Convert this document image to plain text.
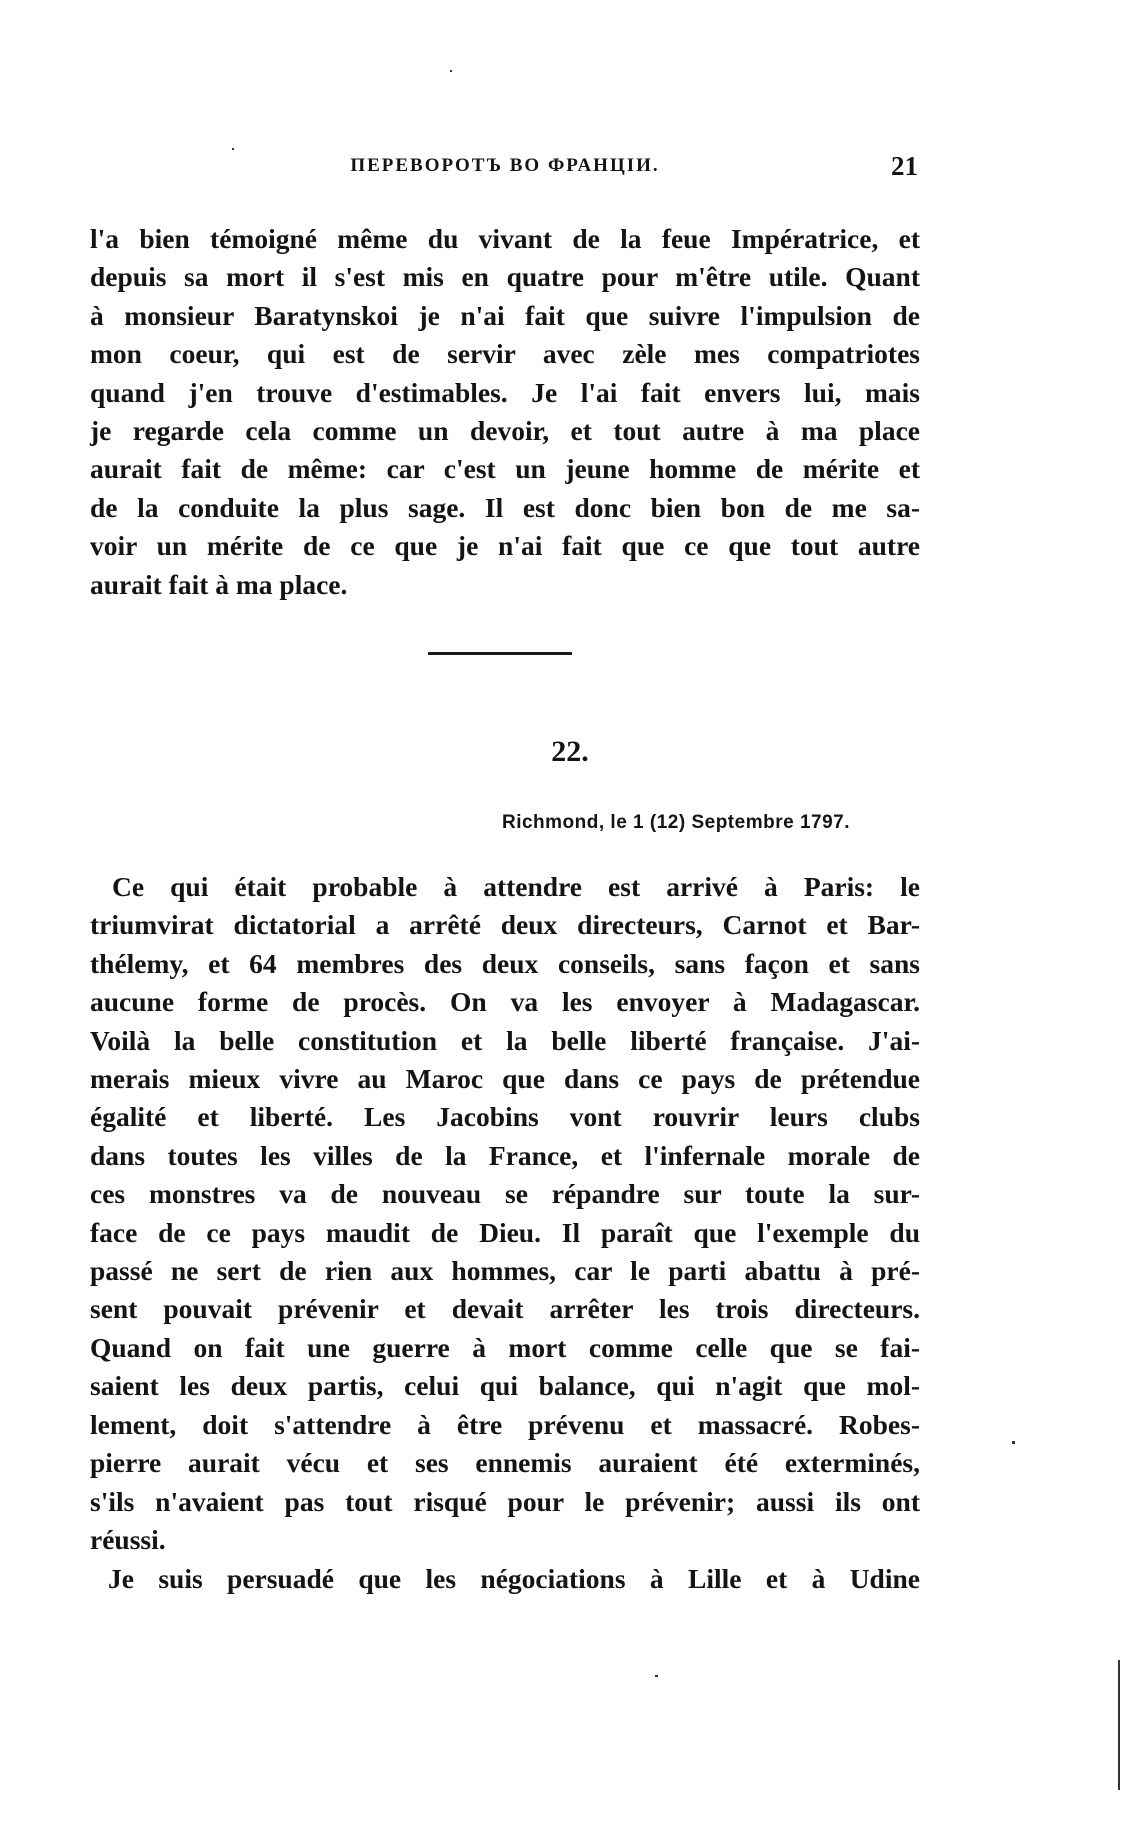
ПЕРЕВОРОТЪ ВО ФРАНЦІИ.	21
l'a bien témoigné même du vivant de la feue Impératrice, et
depuis sa mort il s'est mis en quatre pour m'être utile. Quant
à monsieur Baratynskoi je n'ai fait que suivre l'impulsion de
mon coeur, qui est de servir avec zèle mes compatriotes
quand j'en trouve d'estimables. Je l'ai fait envers lui, mais
je regarde cela comme un devoir, et tout autre à ma place
aurait fait de même: car c'est un jeune homme de mérite et
de la conduite la plus sage. Il est donc bien bon de me sa-
voir un mérite de ce que je n'ai fait que ce que tout autre
aurait fait à ma place.
22.
Richmond, le 1 (12) Septembre 1797.
Ce qui était probable à attendre est arrivé à Paris: le
triumvirat dictatorial a arrêté deux directeurs, Carnot et Bar-
thélemy, et 64 membres des deux conseils, sans façon et sans
aucune forme de procès. On va les envoyer à Madagascar.
Voilà la belle constitution et la belle liberté française. J'ai-
merais mieux vivre au Maroc que dans ce pays de prétendue
égalité et liberté. Les Jacobins vont rouvrir leurs clubs
dans toutes les villes de la France, et l'infernale morale de
ces monstres va de nouveau se répandre sur toute la sur-
face de ce pays maudit de Dieu. Il paraît que l'exemple du
passé ne sert de rien aux hommes, car le parti abattu à pré-
sent pouvait prévenir et devait arrêter les trois directeurs.
Quand on fait une guerre à mort comme celle que se fai-
saient les deux partis, celui qui balance, qui n'agit que mol-
lement, doit s'attendre à être prévenu et massacré. Robes-
pierre aurait vécu et ses ennemis auraient été exterminés,
s'ils n'avaient pas tout risqué pour le prévenir; aussi ils ont
réussi.
Je suis persuadé que les négociations à Lille et à Udine
